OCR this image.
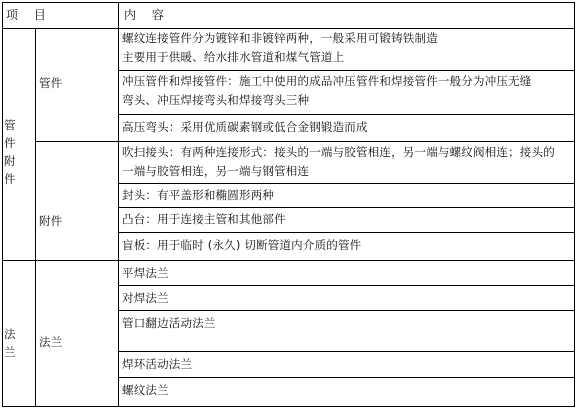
项 目	内 容
管
件
附
件
法
兰
管件
附件
法兰
螺纹连接管件分为镀锌和非镀锌两种，一般采用可锻铸铁制造
主要用于供暖、给水排水管道和煤气管道上
冲压管件和焊接管件：施工中使用的成品冲压管件和焊接管件一般分为冲压无缝
弯头、冲压焊接弯头和焊接弯头三种
高压弯头：采用优质碳素钢或低合金钢锻造而成
吹扫接头：有两种连接形式：接头的一端与胶管相连，另一端与螺纹阀相连；接头的
一端与胶管相连，另一端与钢管相连
封头：有平盖形和椭圆形两种
凸台：用于连接主管和其他部件
盲板：用于临时 (永久) 切断管道内介质的管件
平焊法兰
对焊法兰
管口翻边活动法兰
焊环活动法兰
螺纹法兰
